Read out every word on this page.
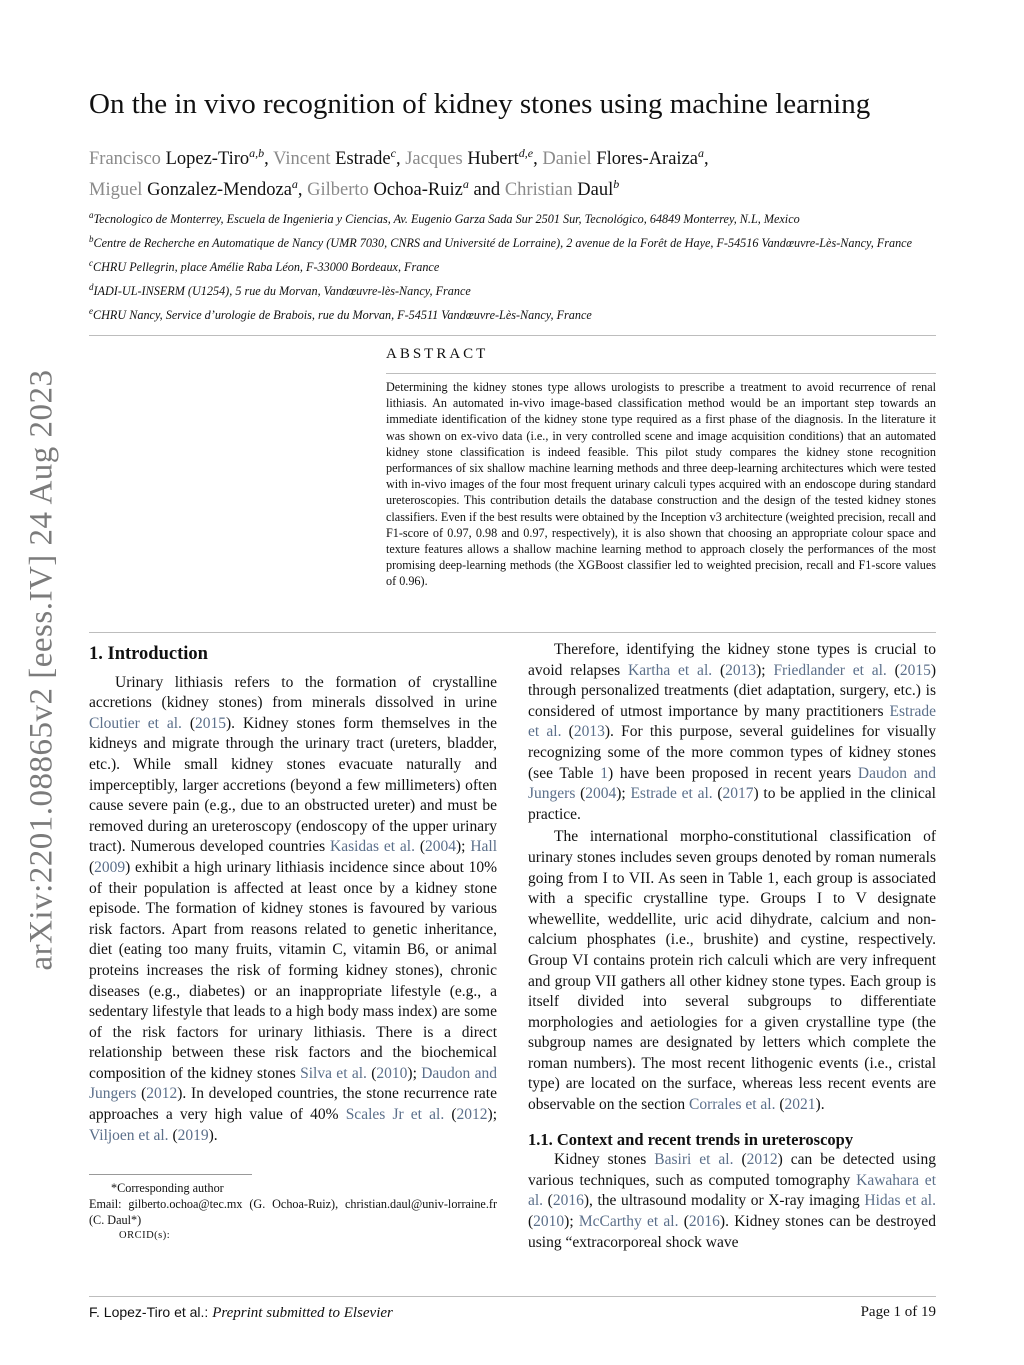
arXiv:2201.08865v2 [eess.IV] 24 Aug 2023
On the in vivo recognition of kidney stones using machine learning
Francisco Lopez-Tiro$^{a,b}$, Vincent Estrade$^c$, Jacques Hubert$^{d,e}$, Daniel Flores-Araiza$^a$,
Miguel Gonzalez-Mendoza$^a$, Gilberto Ochoa-Ruiz$^a$ and Christian Daul$^b$
$^a$Tecnologico de Monterrey, Escuela de Ingenieria y Ciencias, Av. Eugenio Garza Sada Sur 2501 Sur, Tecnológico, 64849 Monterrey, N.L, Mexico
$^b$Centre de Recherche en Automatique de Nancy (UMR 7030, CNRS and Université de Lorraine), 2 avenue de la Forêt de Haye, F-54516 Vandœuvre-Lès-Nancy, France
$^c$CHRU Pellegrin, place Amélie Raba Léon, F-33000 Bordeaux, France
$^d$IADI-UL-INSERM (U1254), 5 rue du Morvan, Vandœuvre-lès-Nancy, France
$^e$CHRU Nancy, Service d’urologie de Brabois, rue du Morvan, F-54511 Vandœuvre-Lès-Nancy, France
ABSTRACT
Determining the kidney stones type allows urologists to prescribe a treatment to avoid recurrence of renal lithiasis. An automated in-vivo image-based classification method would be an important step towards an immediate identification of the kidney stone type required as a first phase of the diagnosis. In the literature it was shown on ex-vivo data (i.e., in very controlled scene and image acquisition conditions) that an automated kidney stone classification is indeed feasible. This pilot study compares the kidney stone recognition performances of six shallow machine learning methods and three deep-learning architectures which were tested with in-vivo images of the four most frequent urinary calculi types acquired with an endoscope during standard ureteroscopies. This contribution details the database construction and the design of the tested kidney stones classifiers. Even if the best results were obtained by the Inception v3 architecture (weighted precision, recall and F1-score of 0.97, 0.98 and 0.97, respectively), it is also shown that choosing an appropriate colour space and texture features allows a shallow machine learning method to approach closely the performances of the most promising deep-learning methods (the XGBoost classifier led to weighted precision, recall and F1-score values of 0.96).
1. Introduction

Urinary lithiasis refers to the formation of crystalline accretions (kidney stones) from minerals dissolved in urine Cloutier et al. (2015). Kidney stones form themselves in the kidneys and migrate through the urinary tract (ureters, bladder, etc.). While small kidney stones evacuate naturally and imperceptibly, larger accretions (beyond a few millimeters) often cause severe pain (e.g., due to an obstructed ureter) and must be removed during an ureteroscopy (endoscopy of the upper urinary tract). Numerous developed countries Kasidas et al. (2004); Hall (2009) exhibit a high urinary lithiasis incidence since about 10% of their population is affected at least once by a kidney stone episode. The formation of kidney stones is favoured by various risk factors. Apart from reasons related to genetic inheritance, diet (eating too many fruits, vitamin C, vitamin B6, or animal proteins increases the risk of forming kidney stones), chronic diseases (e.g., diabetes) or an inappropriate lifestyle (e.g., a sedentary lifestyle that leads to a high body mass index) are some of the risk factors for urinary lithiasis. There is a direct relationship between these risk factors and the biochemical composition of the kidney stones Silva et al. (2010); Daudon and Jungers (2012). In developed countries, the stone recurrence rate approaches a very high value of 40% Scales Jr et al. (2012); Viljoen et al. (2019).

*Corresponding author
Email: gilberto.ochoa@tec.mx (G. Ochoa-Ruiz), christian.daul@univ-lorraine.fr (C. Daul*)
ORCID(s):

Therefore, identifying the kidney stone types is crucial to avoid relapses Kartha et al. (2013); Friedlander et al. (2015) through personalized treatments (diet adaptation, surgery, etc.) is considered of utmost importance by many practitioners Estrade et al. (2013). For this purpose, several guidelines for visually recognizing some of the more common types of kidney stones (see Table 1) have been proposed in recent years Daudon and Jungers (2004); Estrade et al. (2017) to be applied in the clinical practice.

The international morpho-constitutional classification of urinary stones includes seven groups denoted by roman numerals going from I to VII. As seen in Table 1, each group is associated with a specific crystalline type. Groups I to V designate whewellite, weddellite, uric acid dihydrate, calcium and non-calcium phosphates (i.e., brushite) and cystine, respectively. Group VI contains protein rich calculi which are very infrequent and group VII gathers all other kidney stone types. Each group is itself divided into several subgroups to differentiate morphologies and aetiologies for a given crystalline type (the subgroup names are designated by letters which complete the roman numbers). The most recent lithogenic events (i.e., cristal type) are located on the surface, whereas less recent events are observable on the section Corrales et al. (2021).

1.1. Context and recent trends in ureteroscopy

Kidney stones Basiri et al. (2012) can be detected using various techniques, such as computed tomography Kawahara et al. (2016), the ultrasound modality or X-ray imaging Hidas et al. (2010); McCarthy et al. (2016). Kidney stones can be destroyed using “extracorporeal shock wave

F. Lopez-Tiro et al.: Preprint submitted to Elsevier	Page 1 of 19
